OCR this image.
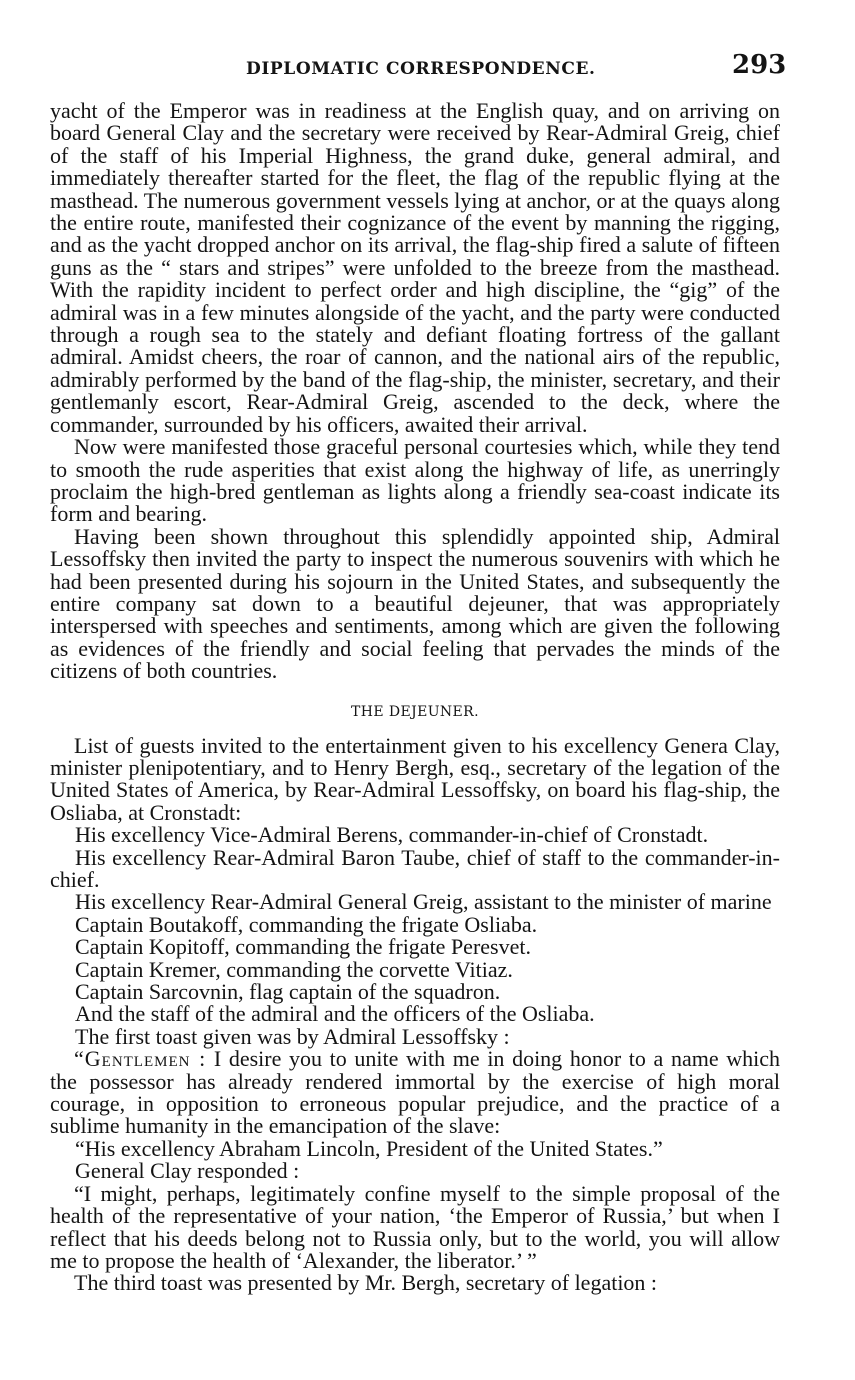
DIPLOMATIC CORRESPONDENCE.	293

yacht of the Emperor was in readiness at the English quay, and on arriving on board General Clay and the secretary were received by Rear-Admiral Greig, chief of the staff of his Imperial Highness, the grand duke, general admiral, and immediately thereafter started for the fleet, the flag of the republic flying at the masthead. The numerous government vessels lying at anchor, or at the quays along the entire route, manifested their cognizance of the event by manning the rigging, and as the yacht dropped anchor on its arrival, the flag-ship fired a salute of fifteen guns as the “ stars and stripes” were unfolded to the breeze from the masthead. With the rapidity incident to perfect order and high discipline, the “gig” of the admiral was in a few minutes alongside of the yacht, and the party were conducted through a rough sea to the stately and defiant floating fortress of the gallant admiral. Amidst cheers, the roar of cannon, and the national airs of the republic, admirably performed by the band of the flag-ship, the minister, secretary, and their gentlemanly escort, Rear-Admiral Greig, ascended to the deck, where the commander, surrounded by his officers, awaited their arrival.

Now were manifested those graceful personal courtesies which, while they tend to smooth the rude asperities that exist along the highway of life, as unerringly proclaim the high-bred gentleman as lights along a friendly sea-coast indicate its form and bearing.

Having been shown throughout this splendidly appointed ship, Admiral Lessoffsky then invited the party to inspect the numerous souvenirs with which he had been presented during his sojourn in the United States, and subsequently the entire company sat down to a beautiful dejeuner, that was appropriately interspersed with speeches and sentiments, among which are given the following as evidences of the friendly and social feeling that pervades the minds of the citizens of both countries.

THE DEJEUNER.

List of guests invited to the entertainment given to his excellency Genera Clay, minister plenipotentiary, and to Henry Bergh, esq., secretary of the legation of the United States of America, by Rear-Admiral Lessoffsky, on board his flag-ship, the Osliaba, at Cronstadt:

His excellency Vice-Admiral Berens, commander-in-chief of Cronstadt.

His excellency Rear-Admiral Baron Taube, chief of staff to the commander-in-chief.

His excellency Rear-Admiral General Greig, assistant to the minister of marine

Captain Boutakoff, commanding the frigate Osliaba.

Captain Kopitoff, commanding the frigate Peresvet.

Captain Kremer, commanding the corvette Vitiaz.

Captain Sarcovnin, flag captain of the squadron.

And the staff of the admiral and the officers of the Osliaba.

The first toast given was by Admiral Lessoffsky :

“Gentlemen : I desire you to unite with me in doing honor to a name which the possessor has already rendered immortal by the exercise of high moral courage, in opposition to erroneous popular prejudice, and the practice of a sublime humanity in the emancipation of the slave:

“His excellency Abraham Lincoln, President of the United States.”

General Clay responded :

“I might, perhaps, legitimately confine myself to the simple proposal of the health of the representative of your nation, ‘the Emperor of Russia,’ but when I reflect that his deeds belong not to Russia only, but to the world, you will allow me to propose the health of ‘Alexander, the liberator.’ ”

The third toast was presented by Mr. Bergh, secretary of legation :
